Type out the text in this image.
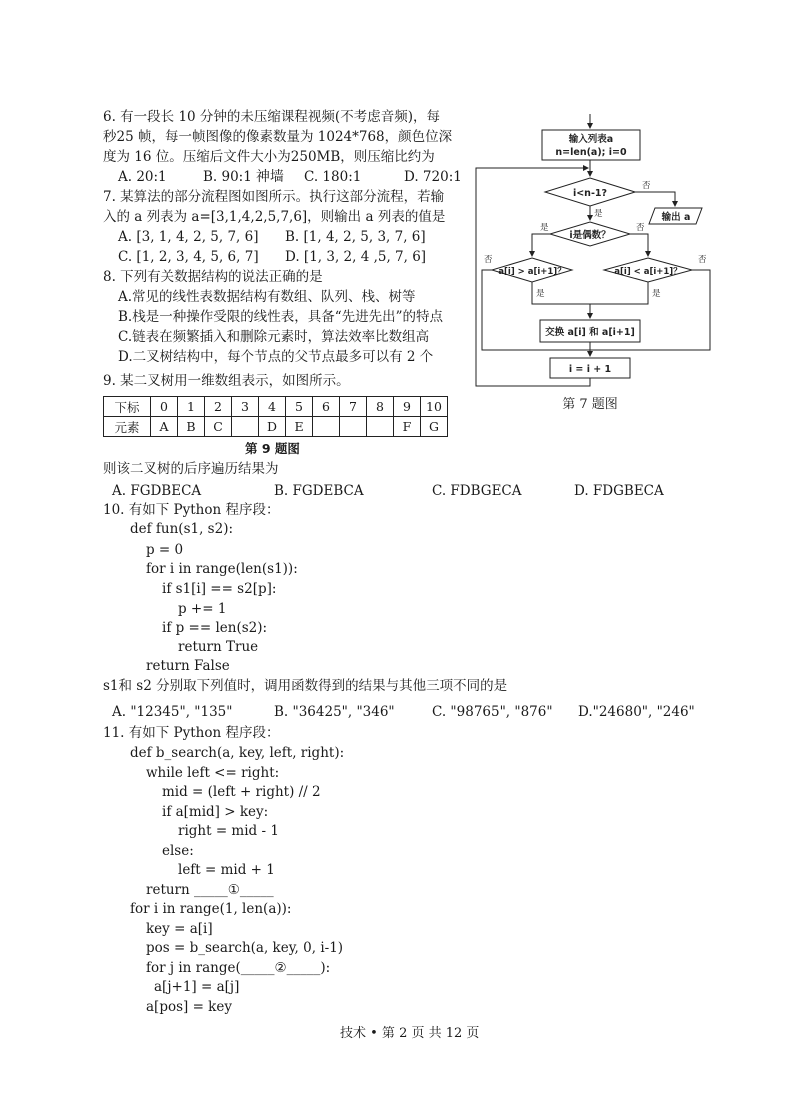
6. 有一段长 10 分钟的未压缩课程视频(不考虑音频)，每
秒25 帧，每一帧图像的像素数量为 1024*768，颜色位深
度为 16 位。压缩后文件大小为250MB，则压缩比约为
A. 20:1	B. 90:1 神墙 C. 180:1	D. 720:1
7. 某算法的部分流程图如图所示。执行这部分流程，若输
入的 a 列表为 a=[3,1,4,2,5,7,6]，则输出 a 列表的值是
A. [3, 1, 4, 2, 5, 7, 6] B. [1, 4, 2, 5, 3, 7, 6]
C. [1, 2, 3, 4, 5, 6, 7] D. [1, 3, 2, 4 ,5, 7, 6]
8. 下列有关数据结构的说法正确的是
A.常见的线性表数据结构有数组、队列、栈、树等
B.栈是一种操作受限的线性表，具备“先进先出”的特点
C.链表在频繁插入和删除元素时，算法效率比数组高
D.二叉树结构中，每个节点的父节点最多可以有 2 个
9. 某二叉树用一维数组表示，如图所示。
下标	0	1	2	3	4	5	6	7	8	9	10
元素	A	B	C		D	E				F	G
第 9 题图
则该二叉树的后序遍历结果为
A. FGDBECA	B. FGDEBCA	C. FDBGECA	D. FDGBECA
10. 有如下 Python 程序段：
def fun(s1, s2):
p = 0
for i in range(len(s1)):
if s1[i] == s2[p]:
p += 1
if p == len(s2):
return True
return False
s1和 s2 分别取下列值时，调用函数得到的结果与其他三项不同的是
A. "12345", "135"	B. "36425", "346"	C. "98765", "876" D."24680", "246"
11. 有如下 Python 程序段：
def b_search(a, key, left, right):
while left <= right:
mid = (left + right) // 2
if a[mid] > key:
right = mid - 1
else:
left = mid + 1
return _____①_____
for i in range(1, len(a)):
key = a[i]
pos = b_search(a, key, 0, i-1)
for j in range(_____②_____):
a[j+1] = a[j]
a[pos] = key
输入列表a
n=len(a); i=0
i<n-1?
否
输出 a
是
i是偶数？
是	否
a[i] > a[i+1]？	a[i] < a[i+1]？
否	否
是	是
交换 a[i] 和 a[i+1]
i = i + 1
第 7 题图
技术 • 第 2 页 共 12 页
